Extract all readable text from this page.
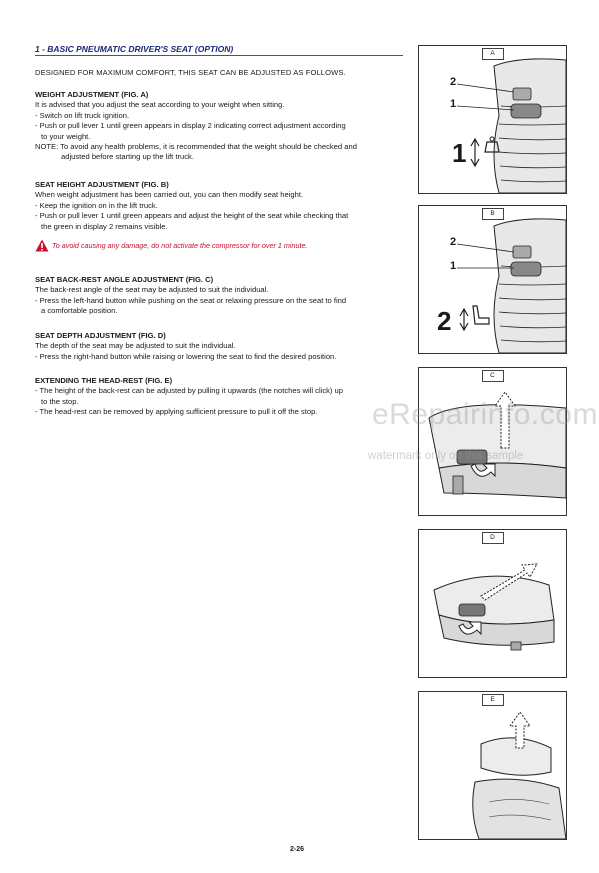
1 - BASIC PNEUMATIC DRIVER'S SEAT (OPTION)
DESIGNED FOR MAXIMUM COMFORT, THIS SEAT CAN BE ADJUSTED AS FOLLOWS.
WEIGHT ADJUSTMENT (FIG. A)

It is advised that you adjust the seat according to your weight when sitting.

- Switch on lift truck ignition.

- Push or pull lever 1 until green appears in display 2 indicating correct adjustment according

to your weight.

NOTE: To avoid any health problems, it is recommended that the weight should be checked and

adjusted before starting up the lift truck.

SEAT HEIGHT ADJUSTMENT (FIG. B)

When weight adjustment has been carried out, you can then modify seat height.

- Keep the ignition on in the lift truck.

- Push or pull lever 1 until green appears and adjust the height of the seat while checking that

the green in display 2 remains visible.

To avoid causing any damage, do not activate the compressor for over 1 minute.
SEAT BACK-REST ANGLE ADJUSTMENT (FIG. C)

The back-rest angle of the seat may be adjusted to suit the individual.

- Press the left-hand button while pushing on the seat or relaxing pressure on the seat to find

a comfortable position.

SEAT DEPTH ADJUSTMENT (FIG. D)

The depth of the seat may be adjusted to suit the individual.

- Press the right-hand button while raising or lowering the seat to find the desired position.

EXTENDING THE HEAD-REST (FIG. E)

- The height of the back-rest can be adjusted by pulling it upwards (the notches will click) up

to the stop.

- The head-rest can be removed by applying sufficient pressure to pull it off the stop.

A
2
1
1
B
2
1
2
C
D
E
eRepairinfo.com
watermark only on this sample
2-26
